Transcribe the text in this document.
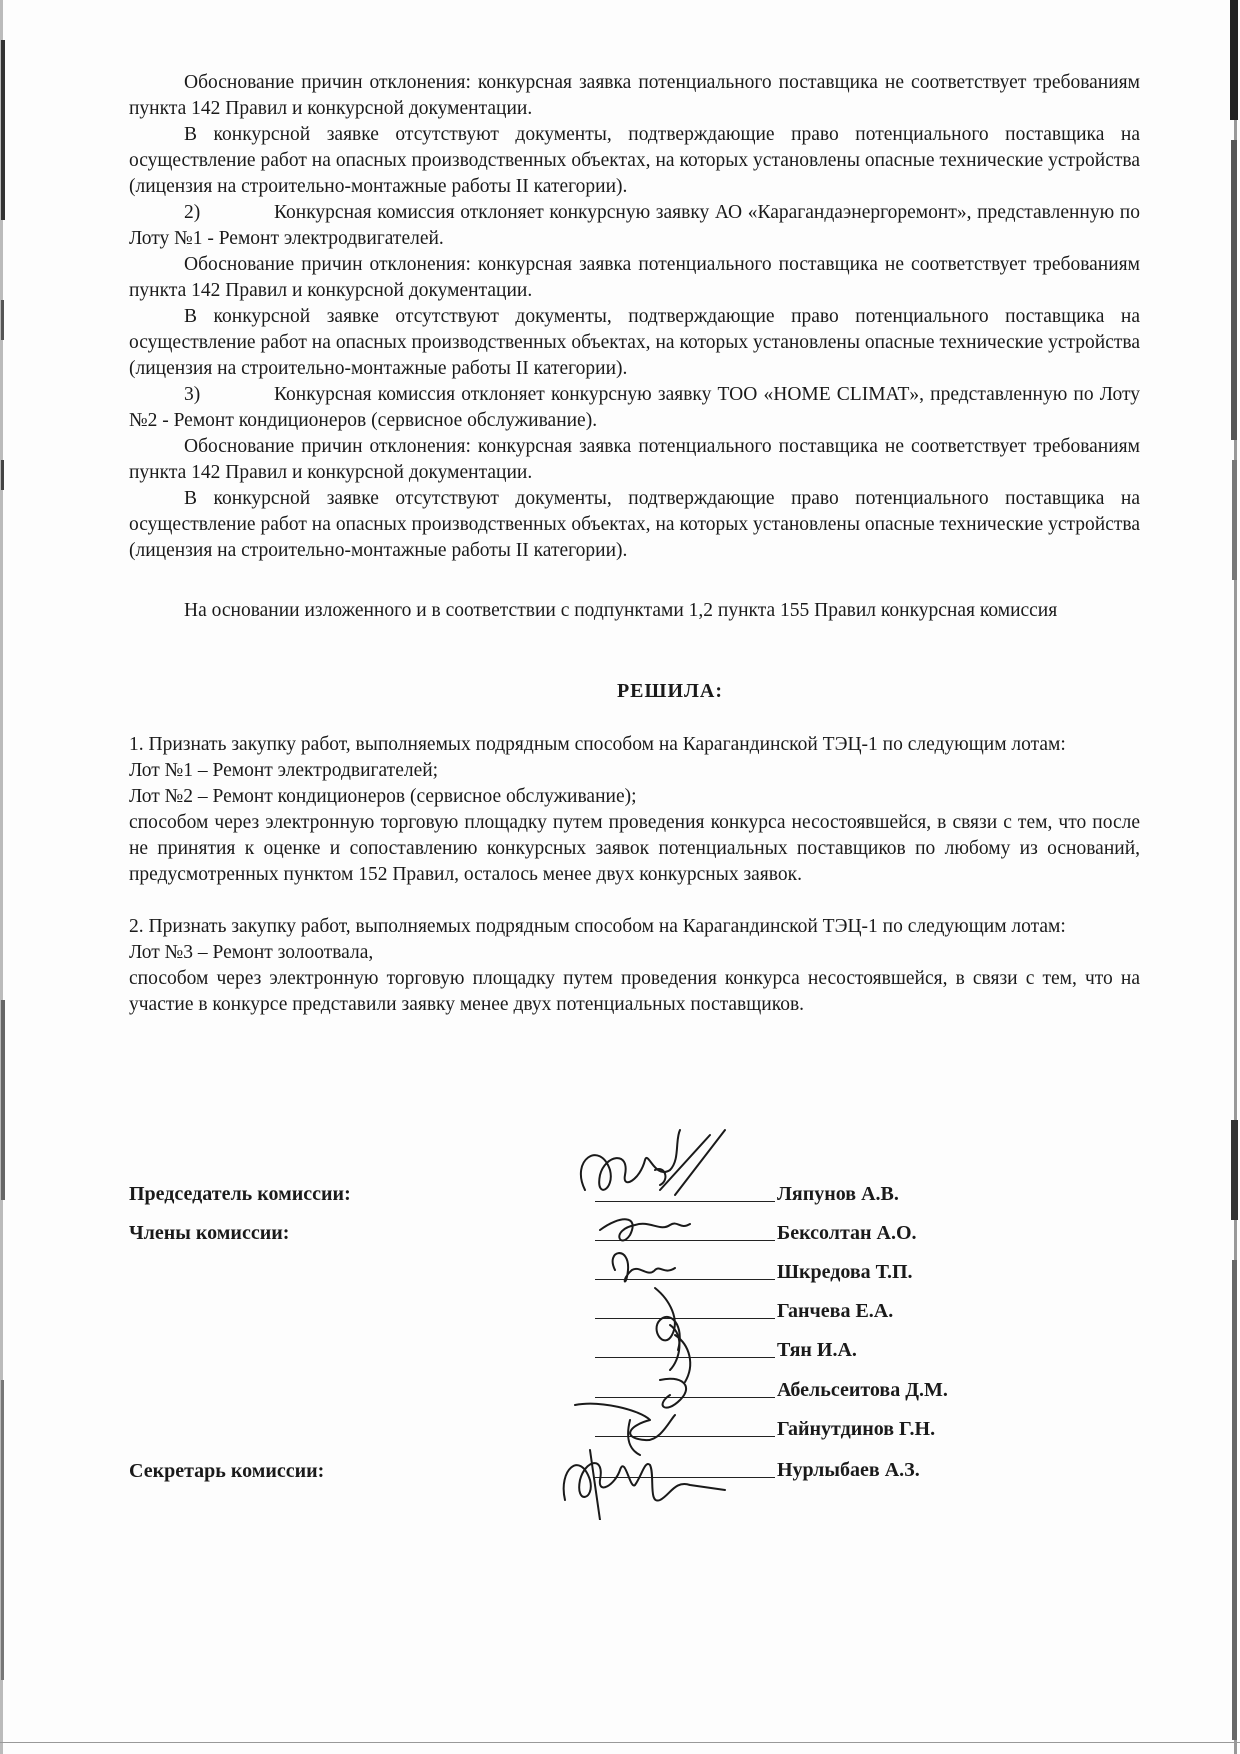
Обоснование причин отклонения: конкурсная заявка потенциального поставщика не соответствует требованиям пункта 142 Правил и конкурсной документации.

В конкурсной заявке отсутствуют документы, подтверждающие право потенциального поставщика на осуществление работ на опасных производственных объектах, на которых установлены опасные технические устройства (лицензия на строительно-монтажные работы II категории).

2)	Конкурсная комиссия отклоняет конкурсную заявку АО «Карагандаэнергоремонт», представленную по Лоту №1 - Ремонт электродвигателей.

Обоснование причин отклонения: конкурсная заявка потенциального поставщика не соответствует требованиям пункта 142 Правил и конкурсной документации.

В конкурсной заявке отсутствуют документы, подтверждающие право потенциального поставщика на осуществление работ на опасных производственных объектах, на которых установлены опасные технические устройства (лицензия на строительно-монтажные работы II категории).

3)	Конкурсная комиссия отклоняет конкурсную заявку ТОО «HOME CLIMAT», представленную по Лоту №2 - Ремонт кондиционеров (сервисное обслуживание).

Обоснование причин отклонения: конкурсная заявка потенциального поставщика не соответствует требованиям пункта 142 Правил и конкурсной документации.

В конкурсной заявке отсутствуют документы, подтверждающие право потенциального поставщика на осуществление работ на опасных производственных объектах, на которых установлены опасные технические устройства (лицензия на строительно-монтажные работы II категории).

На основании изложенного и в соответствии с подпунктами 1,2 пункта 155 Правил конкурсная комиссия

РЕШИЛА:

1. Признать закупку работ, выполняемых подрядным способом на Карагандинской ТЭЦ-1 по следующим лотам:

Лот №1 – Ремонт электродвигателей;

Лот №2 – Ремонт кондиционеров (сервисное обслуживание);

способом через электронную торговую площадку путем проведения конкурса несостоявшейся, в связи с тем, что после не принятия к оценке и сопоставлению конкурсных заявок потенциальных поставщиков по любому из оснований, предусмотренных пунктом 152 Правил, осталось менее двух конкурсных заявок.

2. Признать закупку работ, выполняемых подрядным способом на Карагандинской ТЭЦ-1 по следующим лотам:

Лот №3 – Ремонт золоотвала,

способом через электронную торговую площадку путем проведения конкурса несостоявшейся, в связи с тем, что на участие в конкурсе представили заявку менее двух потенциальных поставщиков.

Председатель комиссии:
Члены комиссии:
Секретарь комиссии:
Ляпунов А.В.
Бексолтан А.О.
Шкредова Т.П.
Ганчева Е.А.
Тян И.А.
Абельсеитова Д.М.
Гайнутдинов Г.Н.
Нурлыбаев А.З.
